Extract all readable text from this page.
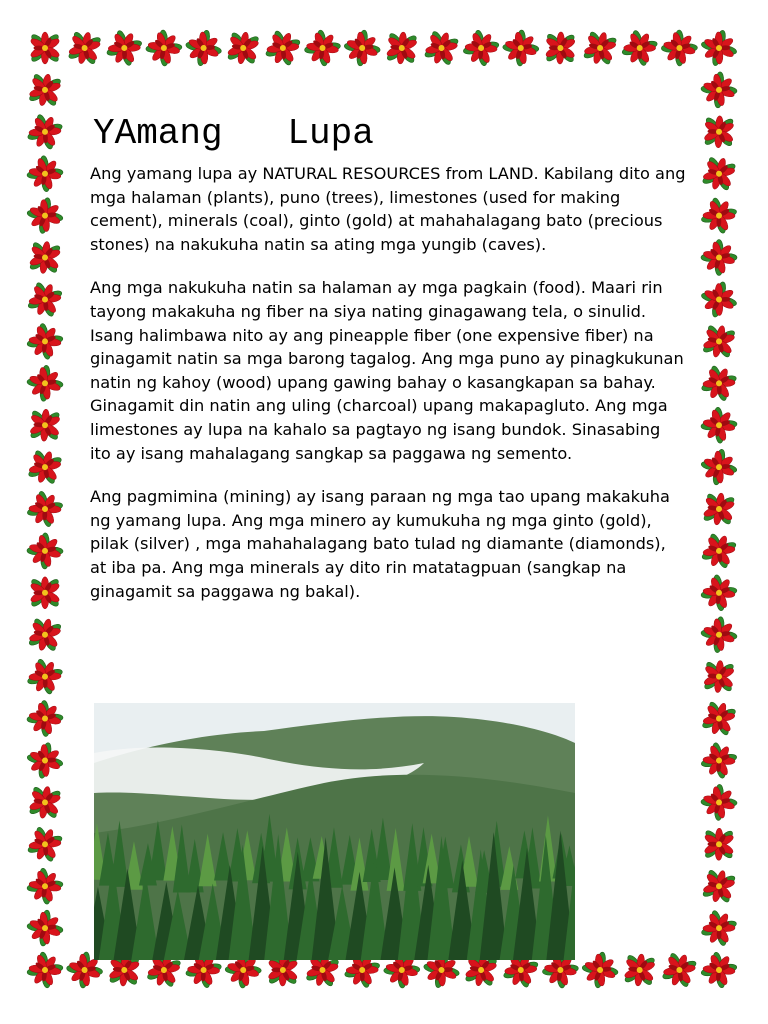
YAmang   Lupa

Ang yamang lupa ay NATURAL RESOURCES from LAND. Kabilang dito ang mga halaman (plants), puno (trees), limestones (used for making cement), minerals (coal), ginto (gold) at mahahalagang bato (precious stones) na nakukuha natin sa ating mga yungib (caves).

Ang mga nakukuha natin sa halaman ay mga pagkain (food). Maari rin tayong makakuha ng fiber na siya nating ginagawang tela, o sinulid. Isang halimbawa nito ay ang pineapple fiber (one expensive fiber) na ginagamit natin sa mga barong tagalog. Ang mga puno ay pinagkukunan natin ng kahoy (wood) upang gawing bahay o kasangkapan sa bahay. Ginagamit din natin ang uling (charcoal) upang makapagluto. Ang mga limestones ay lupa na kahalo sa pagtayo ng isang bundok. Sinasabing ito ay isang mahalagang sangkap sa paggawa ng semento.

Ang pagmimina (mining) ay isang paraan ng mga tao upang makakuha ng yamang lupa. Ang mga minero ay kumukuha ng mga ginto (gold), pilak (silver) , mga mahahalagang bato tulad ng diamante (diamonds), at iba pa. Ang mga minerals ay dito rin matatagpuan (sangkap na ginagamit sa paggawa ng bakal).
